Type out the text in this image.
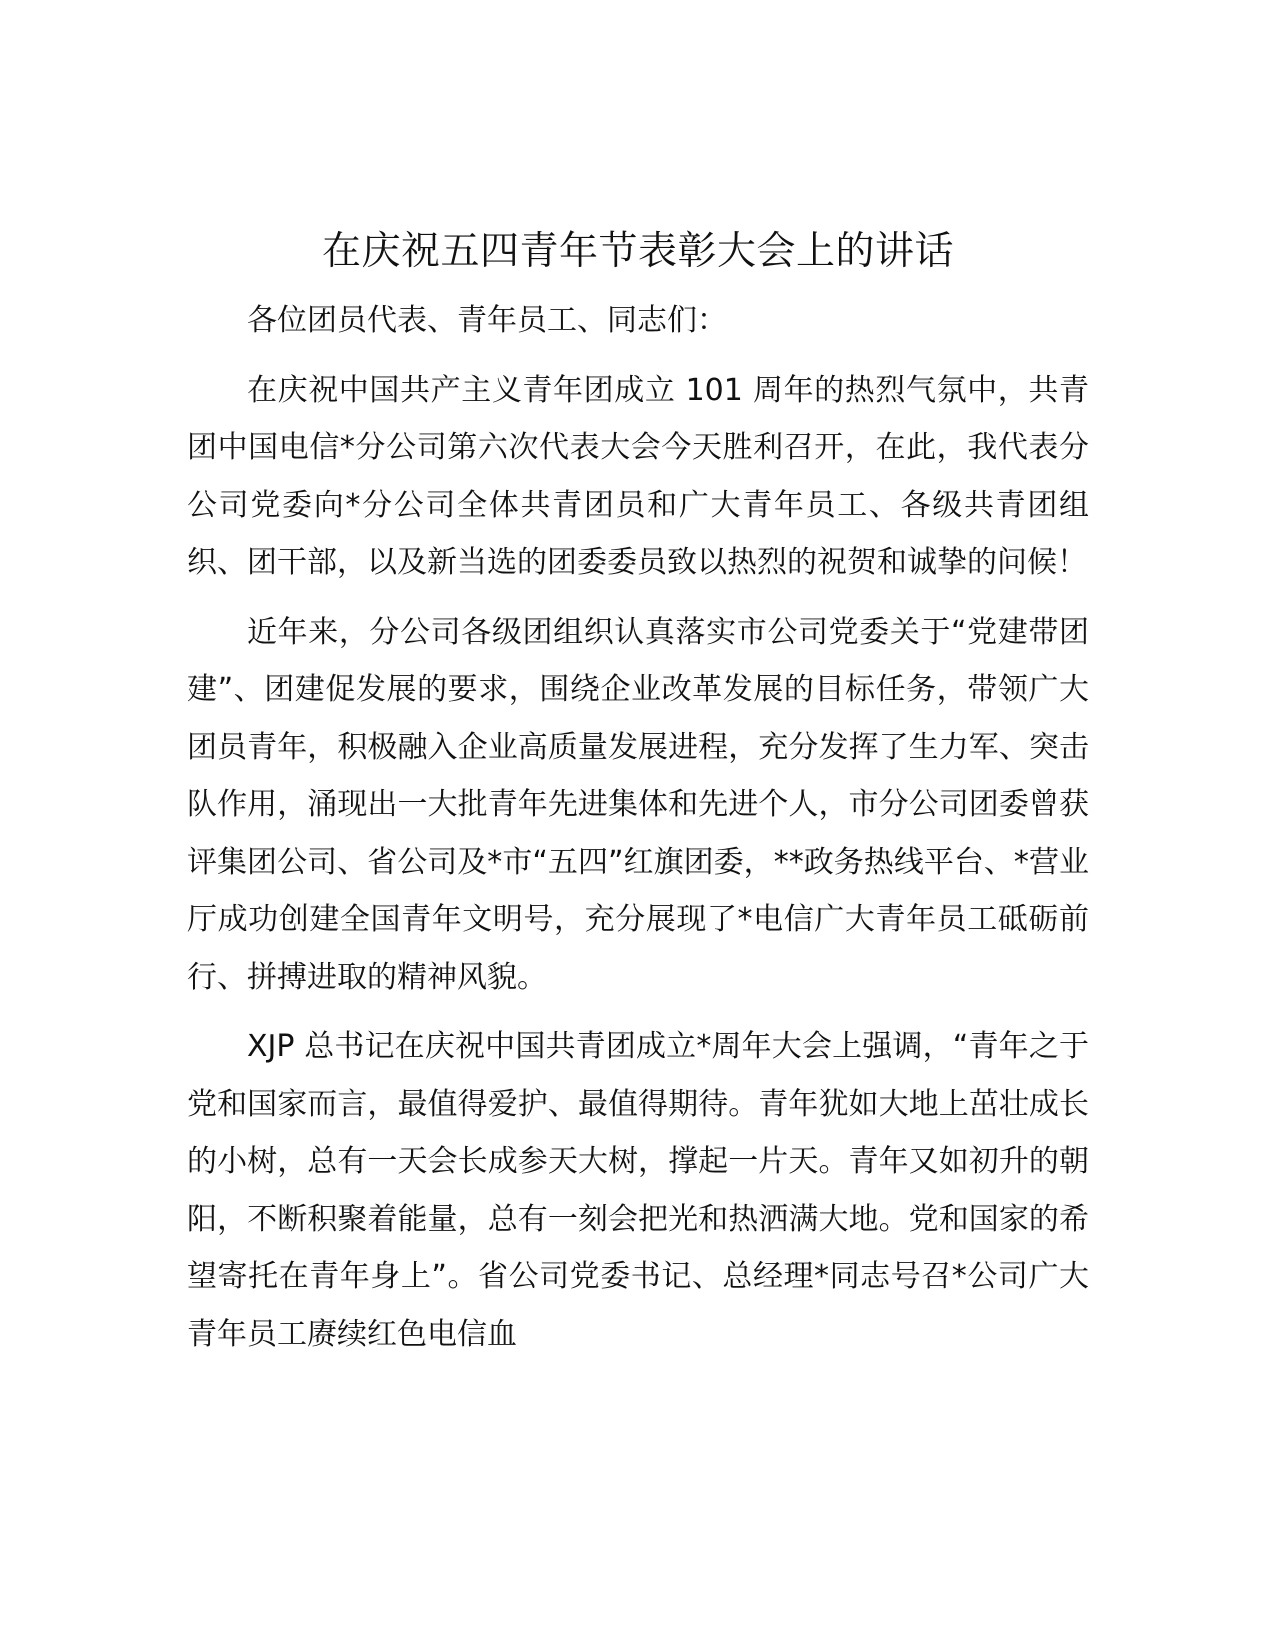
在庆祝五四青年节表彰大会上的讲话

各位团员代表、青年员工、同志们：

在庆祝中国共产主义青年团成立 101 周年的热烈气氛中，共青团中国电信*分公司第六次代表大会今天胜利召开，在此，我代表分公司党委向*分公司全体共青团员和广大青年员工、各级共青团组织、团干部，以及新当选的团委委员致以热烈的祝贺和诚挚的问候！

近年来，分公司各级团组织认真落实市公司党委关于“党建带团建”、团建促发展的要求，围绕企业改革发展的目标任务，带领广大团员青年，积极融入企业高质量发展进程，充分发挥了生力军、突击队作用，涌现出一大批青年先进集体和先进个人，市分公司团委曾获评集团公司、省公司及*市“五四”红旗团委，**政务热线平台、*营业厅成功创建全国青年文明号，充分展现了*电信广大青年员工砥砺前行、拼搏进取的精神风貌。

XJP 总书记在庆祝中国共青团成立*周年大会上强调，“青年之于党和国家而言，最值得爱护、最值得期待。青年犹如大地上茁壮成长的小树，总有一天会长成参天大树，撑起一片天。青年又如初升的朝阳，不断积聚着能量，总有一刻会把光和热洒满大地。党和国家的希望寄托在青年身上”。省公司党委书记、总经理*同志号召*公司广大青年员工赓续红色电信血
